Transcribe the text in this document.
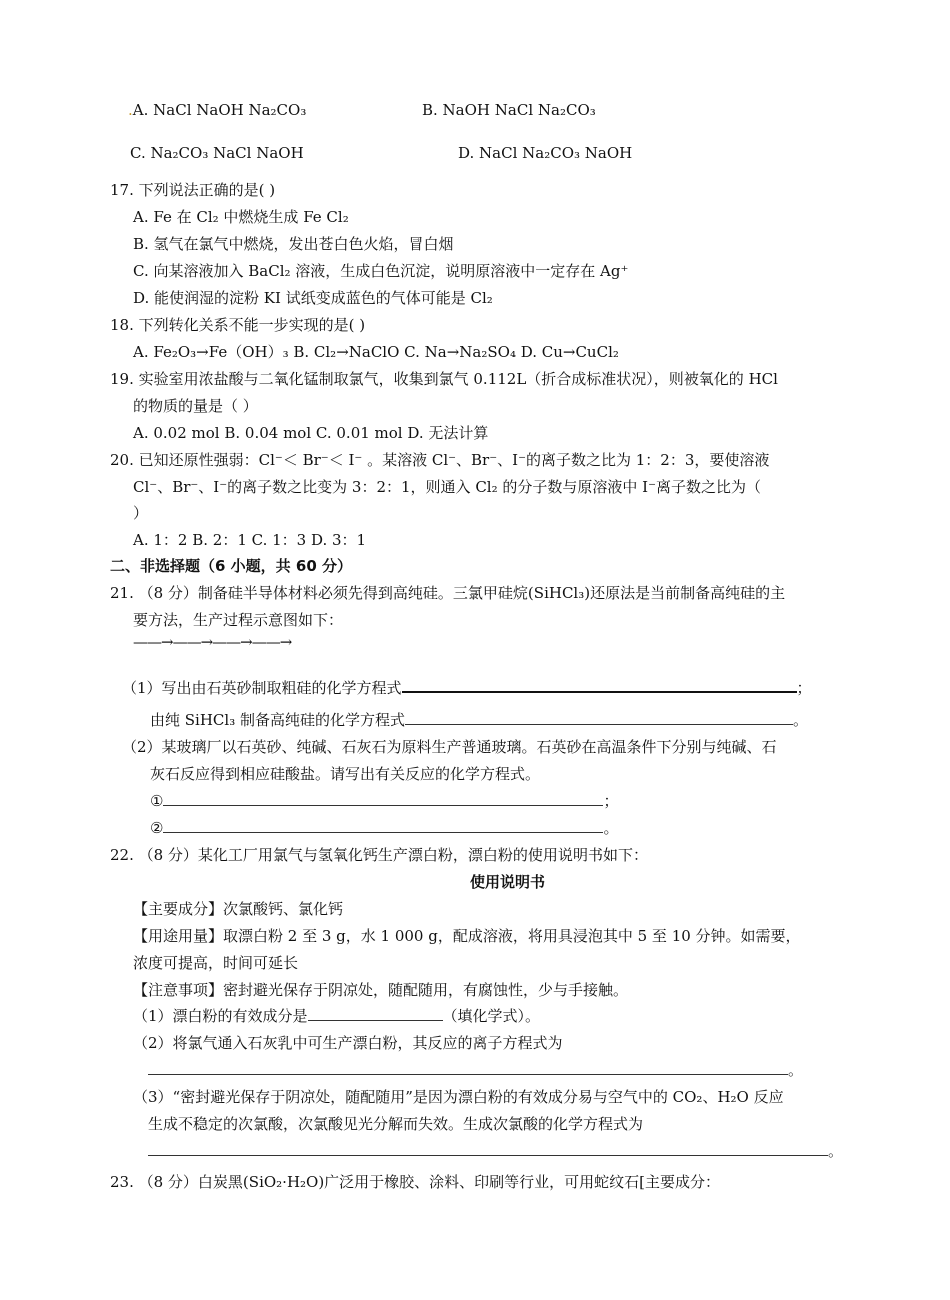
.A. NaCl NaOH Na₂CO₃	B. NaOH NaCl Na₂CO₃
C. Na₂CO₃ NaCl NaOH	D. NaCl Na₂CO₃ NaOH
17. 下列说法正确的是( )
A. Fe 在 Cl₂ 中燃烧生成 Fe Cl₂
B. 氢气在氯气中燃烧，发出苍白色火焰，冒白烟
C. 向某溶液加入 BaCl₂ 溶液，生成白色沉淀，说明原溶液中一定存在 Ag⁺
D. 能使润湿的淀粉 KI 试纸变成蓝色的气体可能是 Cl₂
18. 下列转化关系不能一步实现的是( )
A. Fe₂O₃→Fe（OH）₃ B. Cl₂→NaClO C. Na→Na₂SO₄ D. Cu→CuCl₂
19. 实验室用浓盐酸与二氧化锰制取氯气，收集到氯气 0.112L（折合成标准状况），则被氧化的 HCl
的物质的量是（ ）
A. 0.02 mol B. 0.04 mol C. 0.01 mol D. 无法计算
20. 已知还原性强弱：Cl⁻＜ Br⁻＜ I⁻ 。某溶液 Cl⁻、Br⁻、I⁻的离子数之比为 1：2：3，要使溶液
Cl⁻、Br⁻、I⁻的离子数之比变为 3：2：1，则通入 Cl₂ 的分子数与原溶液中 I⁻离子数之比为（
）
A. 1：2 B. 2：1 C. 1：3 D. 3：1
二、非选择题（6 小题，共 60 分）
21. （8 分）制备硅半导体材料必须先得到高纯硅。三氯甲硅烷(SiHCl₃)还原法是当前制备高纯硅的主
要方法，生产过程示意图如下：
——→——→——→——→
（1）写出由石英砂制取粗硅的化学方程式	；
由纯 SiHCl₃ 制备高纯硅的化学方程式	。
（2）某玻璃厂以石英砂、纯碱、石灰石为原料生产普通玻璃。石英砂在高温条件下分别与纯碱、石
灰石反应得到相应硅酸盐。请写出有关反应的化学方程式。
①	；
②	。
22. （8 分）某化工厂用氯气与氢氧化钙生产漂白粉，漂白粉的使用说明书如下：
使用说明书
【主要成分】次氯酸钙、氯化钙
【用途用量】取漂白粉 2 至 3 g，水 1 000 g，配成溶液，将用具浸泡其中 5 至 10 分钟。如需要，
浓度可提高，时间可延长
【注意事项】密封避光保存于阴凉处，随配随用，有腐蚀性，少与手接触。
（1）漂白粉的有效成分是	（填化学式）。
（2）将氯气通入石灰乳中可生产漂白粉，其反应的离子方程式为
。
（3）“密封避光保存于阴凉处，随配随用”是因为漂白粉的有效成分易与空气中的 CO₂、H₂O 反应
生成不稳定的次氯酸，次氯酸见光分解而失效。生成次氯酸的化学方程式为
。
23. （8 分）白炭黑(SiO₂·H₂O)广泛用于橡胶、涂料、印刷等行业，可用蛇纹石[主要成分：
